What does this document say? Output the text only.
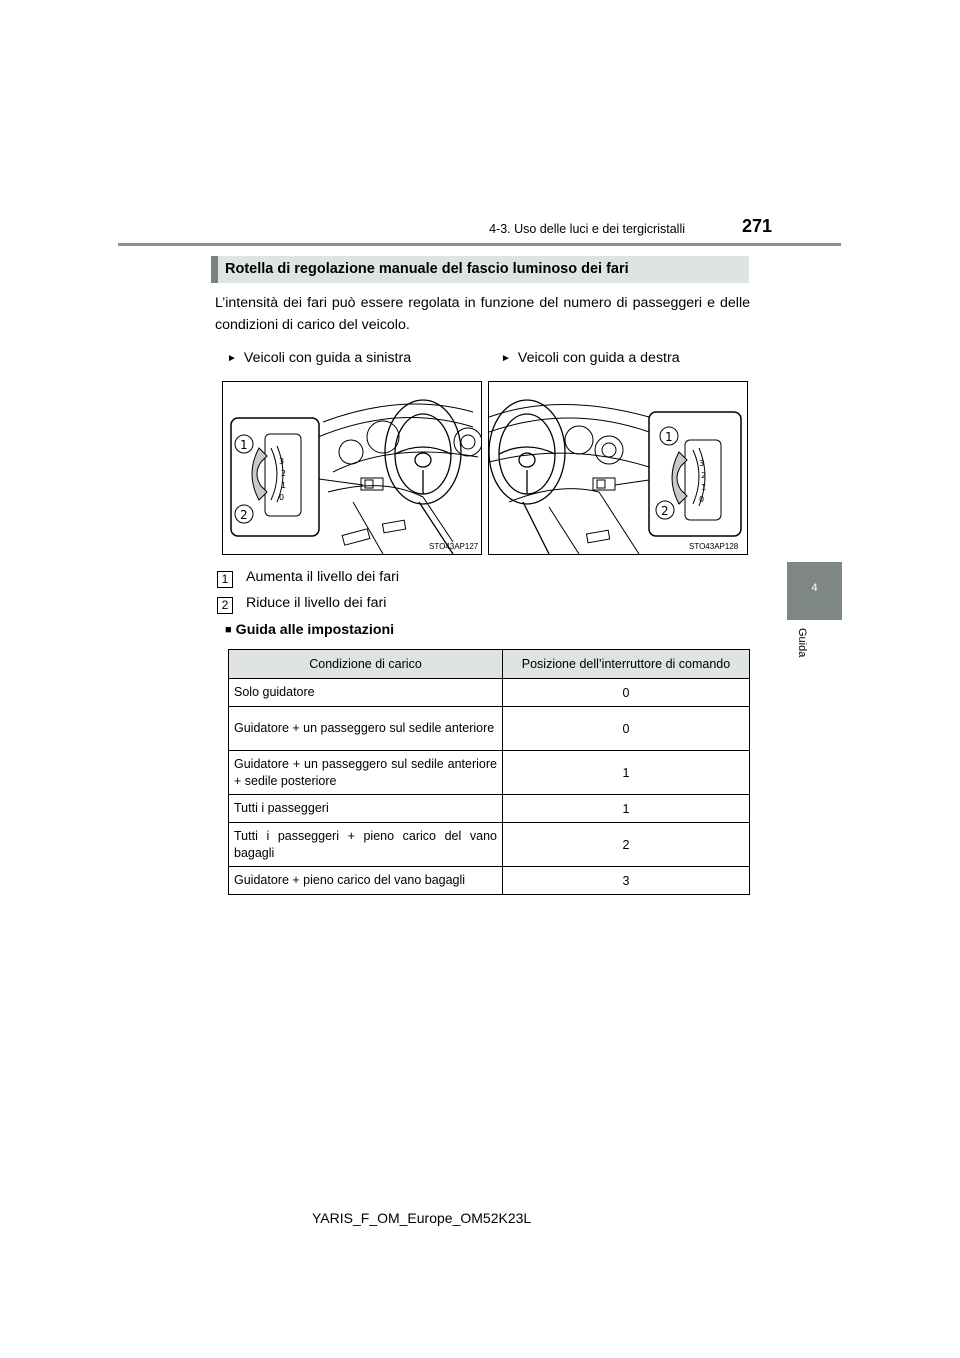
4-3. Uso delle luci e dei tergicristalli	271
4
Guida
Rotella di regolazione manuale del fascio luminoso dei fari
L’intensità dei fari può essere regolata in funzione del numero di passeggeri e delle condizioni di carico del veicolo.
► Veicoli con guida a sinistra	► Veicoli con guida a destra
3
2
1
0
1
2
STO43AP127
3
2
1
0
1
2
STO43AP128
1 Aumenta il livello dei fari
2 Riduce il livello dei fari
■ Guida alle impostazioni
Condizione di carico	Posizione dell’interruttore di comando
Solo guidatore	0
Guidatore + un passeggero sul sedile anteriore	0
Guidatore + un passeggero sul sedile anteriore + sedile posteriore	1
Tutti i passeggeri	1
Tutti i passeggeri + pieno carico del vano bagagli	2
Guidatore + pieno carico del vano bagagli	3
YARIS_F_OM_Europe_OM52K23L
